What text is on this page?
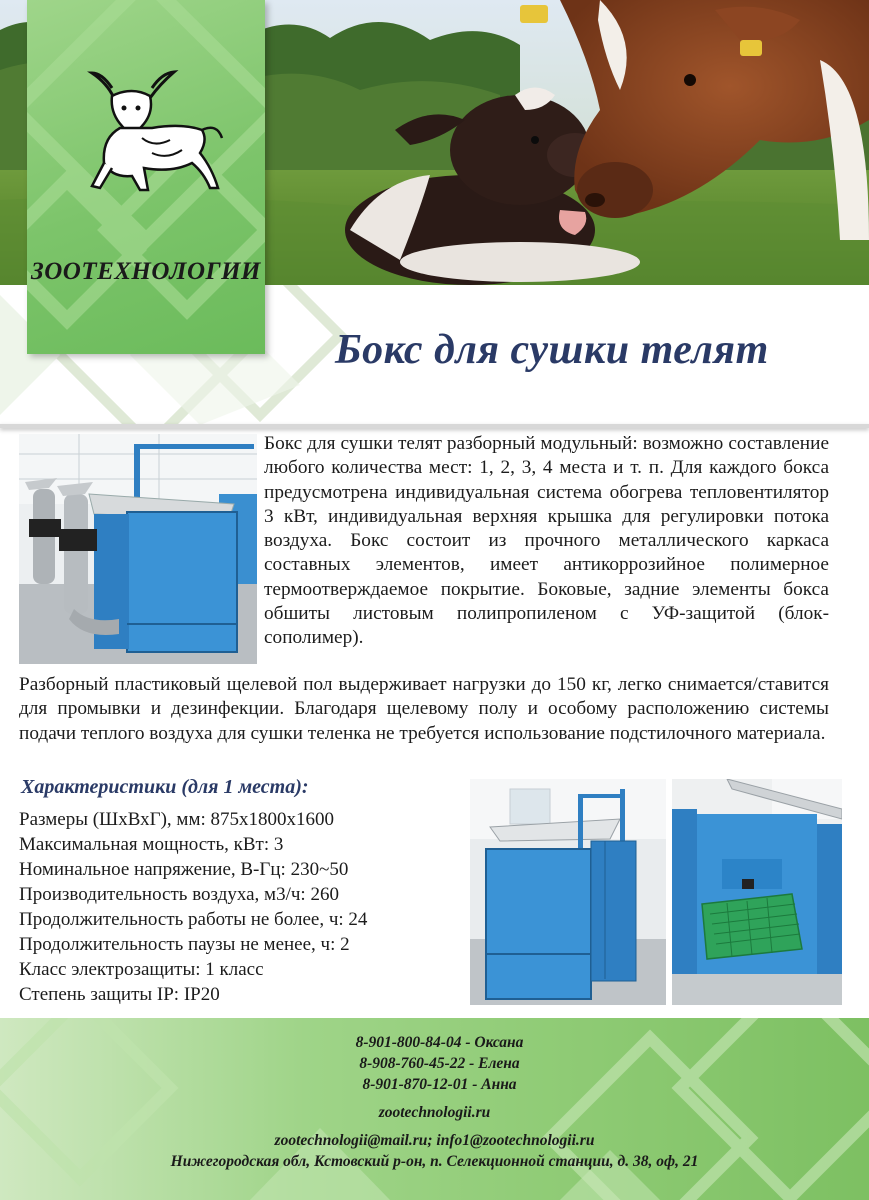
ЗООТЕХНОЛОГИИ
Бокс для сушки телят
Бокс для сушки телят разборный модульный: возможно составление любого количества мест: 1, 2, 3, 4 места и т. п. Для каждого бокса предусмотрена индивидуальная система обогрева тепловентилятор 3 кВт, индивидуальная верхняя крышка для регулировки потока воздуха. Бокс состоит из прочного металлического каркаса составных элементов, имеет антикоррозийное полимерное термоотверждаемое покрытие. Боковые, задние элементы бокса обшиты листовым полипропиленом с УФ-защитой (блок-сополимер).
Разборный пластиковый щелевой пол выдерживает нагрузки до 150 кг, легко снимается/ставится для промывки и дезинфекции. Благодаря щелевому полу и особому расположению системы подачи теплого воздуха для сушки теленка не требуется использование подстилочного материала.
Характеристики (для 1 места):
Размеры (ШхВхГ), мм: 875х1800х1600
Максимальная мощность, кВт: 3
Номинальное напряжение, В-Гц: 230~50
Производительность воздуха, м3/ч: 260
Продолжительность работы не более, ч: 24
Продолжительность паузы не менее, ч: 2
Класс электрозащиты: 1 класс
Степень защиты IP: IP20
8-901-800-84-04 - Оксана
8-908-760-45-22 - Елена
8-901-870-12-01 - Анна
zootechnologii.ru
zootechnologii@mail.ru; info1@zootechnologii.ru
Нижегородская обл, Кстовский р-он, п. Селекционной станции, д. 38, оф, 21
